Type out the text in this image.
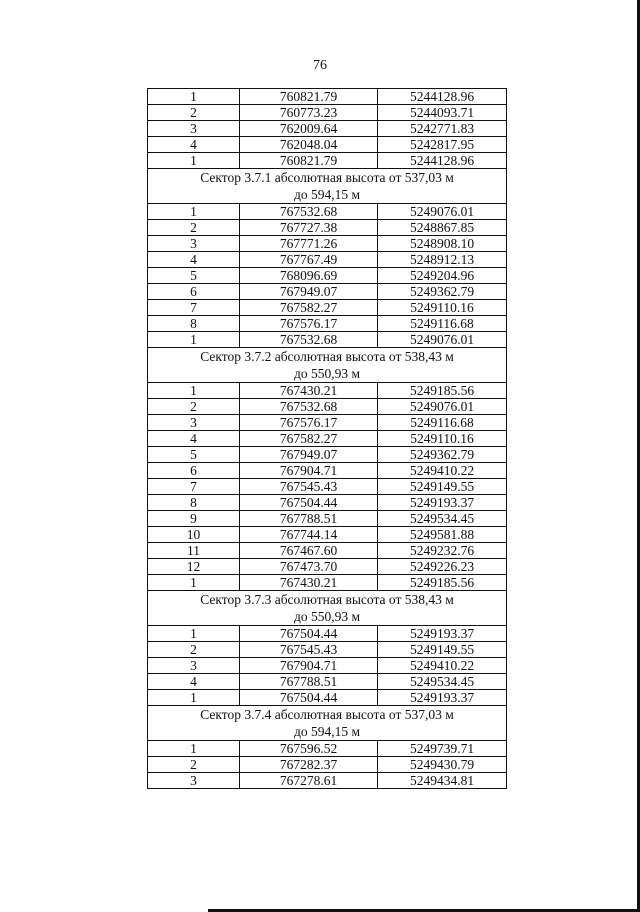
76
1	760821.79	5244128.96
2	760773.23	5244093.71
3	762009.64	5242771.83
4	762048.04	5242817.95
1	760821.79	5244128.96

Сектор 3.7.1 абсолютная высота от 537,03 м
до 594,15 м		

1	767532.68	5249076.01
2	767727.38	5248867.85
3	767771.26	5248908.10
4	767767.49	5248912.13
5	768096.69	5249204.96
6	767949.07	5249362.79
7	767582.27	5249110.16
8	767576.17	5249116.68
1	767532.68	5249076.01

Сектор 3.7.2 абсолютная высота от 538,43 м
до 550,93 м		

1	767430.21	5249185.56
2	767532.68	5249076.01
3	767576.17	5249116.68
4	767582.27	5249110.16
5	767949.07	5249362.79
6	767904.71	5249410.22
7	767545.43	5249149.55
8	767504.44	5249193.37
9	767788.51	5249534.45
10	767744.14	5249581.88
11	767467.60	5249232.76
12	767473.70	5249226.23
1	767430.21	5249185.56

Сектор 3.7.3 абсолютная высота от 538,43 м
до 550,93 м		

1	767504.44	5249193.37
2	767545.43	5249149.55
3	767904.71	5249410.22
4	767788.51	5249534.45
1	767504.44	5249193.37

Сектор 3.7.4 абсолютная высота от 537,03 м
до 594,15 м		

1	767596.52	5249739.71
2	767282.37	5249430.79
3	767278.61	5249434.81
